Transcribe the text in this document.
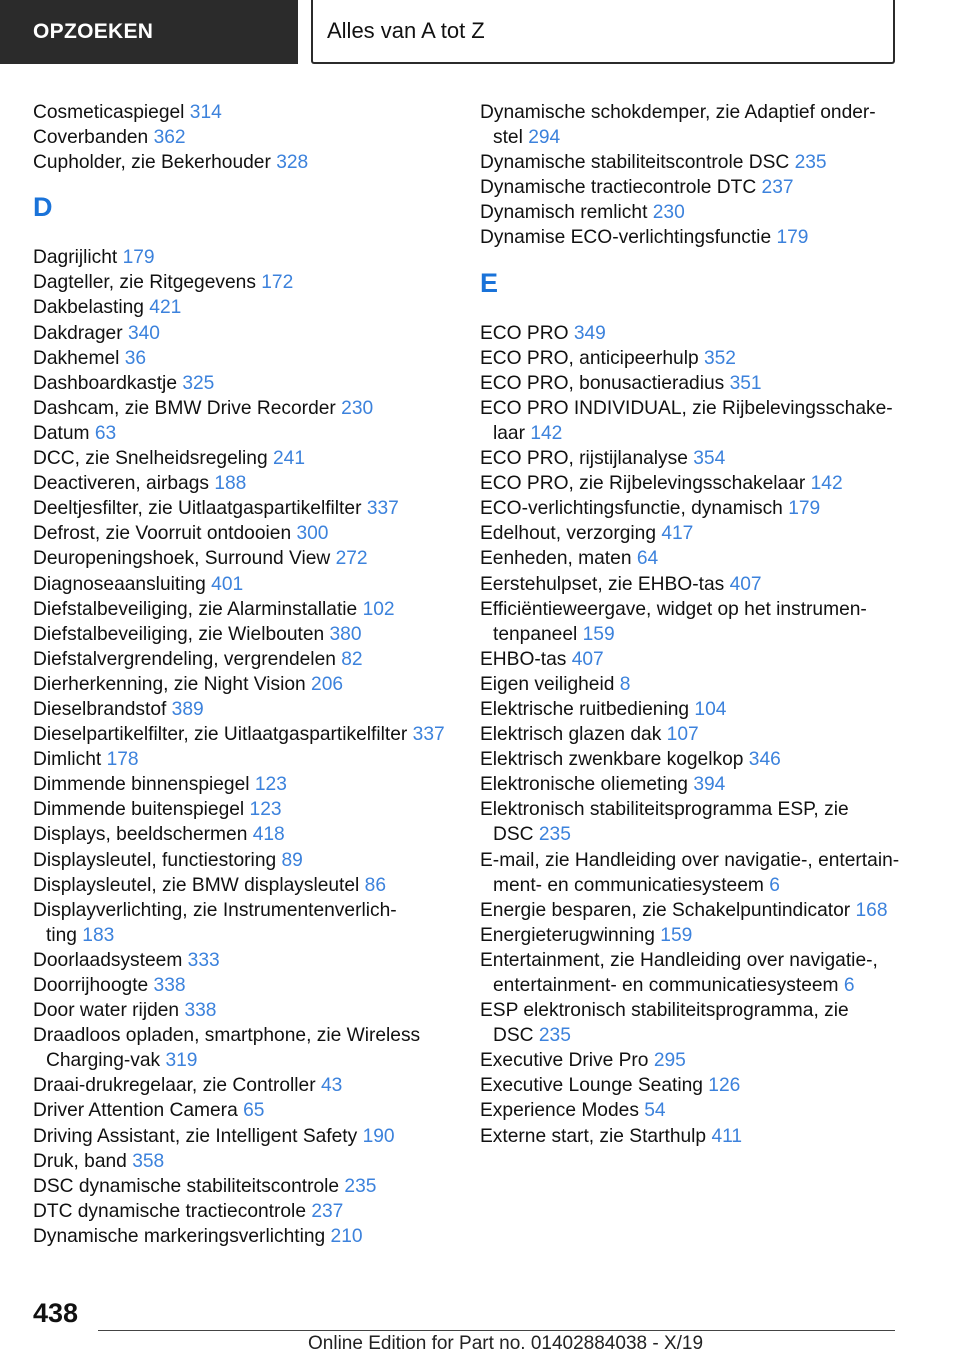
OPZOEKEN	Alles van A tot Z
Cosmeticaspiegel 314
Coverbanden 362
Cupholder, zie Bekerhouder 328
D
Dagrijlicht 179
Dagteller, zie Ritgegevens 172
Dakbelasting 421
Dakdrager 340
Dakhemel 36
Dashboardkastje 325
Dashcam, zie BMW Drive Recorder 230
Datum 63
DCC, zie Snelheidsregeling 241
Deactiveren, airbags 188
Deeltjesfilter, zie Uitlaatgaspartikelfilter 337
Defrost, zie Voorruit ontdooien 300
Deuropeningshoek, Surround View 272
Diagnoseaansluiting 401
Diefstalbeveiliging, zie Alarminstallatie 102
Diefstalbeveiliging, zie Wielbouten 380
Diefstalvergrendeling, vergrendelen 82
Dierherkenning, zie Night Vision 206
Dieselbrandstof 389
Dieselpartikelfilter, zie Uitlaatgaspartikelfilter 337
Dimlicht 178
Dimmende binnenspiegel 123
Dimmende buitenspiegel 123
Displays, beeldschermen 418
Displaysleutel, functiestoring 89
Displaysleutel, zie BMW displaysleutel 86
Displayverlichting, zie Instrumentenverlich-
ting 183
Doorlaadsysteem 333
Doorrijhoogte 338
Door water rijden 338
Draadloos opladen, smartphone, zie Wireless
Charging-vak 319
Draai-drukregelaar, zie Controller 43
Driver Attention Camera 65
Driving Assistant, zie Intelligent Safety 190
Druk, band 358
DSC dynamische stabiliteitscontrole 235
DTC dynamische tractiecontrole 237
Dynamische markeringsverlichting 210
Dynamische schokdemper, zie Adaptief onder-
stel 294
Dynamische stabiliteitscontrole DSC 235
Dynamische tractiecontrole DTC 237
Dynamisch remlicht 230
Dynamise ECO-verlichtingsfunctie 179
E
ECO PRO 349
ECO PRO, anticipeerhulp 352
ECO PRO, bonusactieradius 351
ECO PRO INDIVIDUAL, zie Rijbelevingsschake-
laar 142
ECO PRO, rijstijlanalyse 354
ECO PRO, zie Rijbelevingsschakelaar 142
ECO-verlichtingsfunctie, dynamisch 179
Edelhout, verzorging 417
Eenheden, maten 64
Eerstehulpset, zie EHBO-tas 407
Efficiëntieweergave, widget op het instrumen-
tenpaneel 159
EHBO-tas 407
Eigen veiligheid 8
Elektrische ruitbediening 104
Elektrisch glazen dak 107
Elektrisch zwenkbare kogelkop 346
Elektronische oliemeting 394
Elektronisch stabiliteitsprogramma ESP, zie
DSC 235
E-mail, zie Handleiding over navigatie-, entertain-
ment- en communicatiesysteem 6
Energie besparen, zie Schakelpuntindicator 168
Energieterugwinning 159
Entertainment, zie Handleiding over navigatie-,
entertainment- en communicatiesysteem 6
ESP elektronisch stabiliteitsprogramma, zie
DSC 235
Executive Drive Pro 295
Executive Lounge Seating 126
Experience Modes 54
Externe start, zie Starthulp 411
438
Online Edition for Part no. 01402884038 - X/19
